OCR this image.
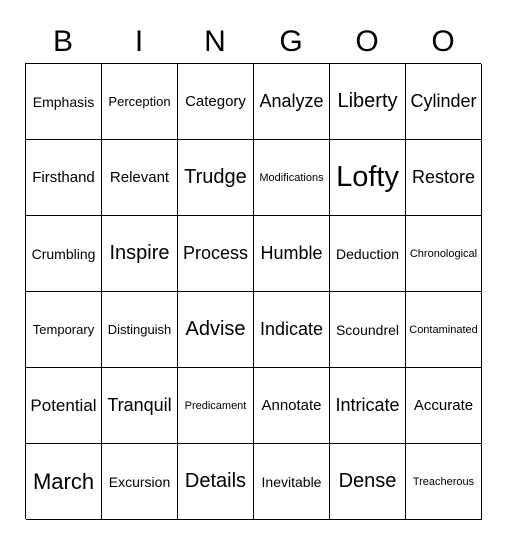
B	I	N	G	O	O
Emphasis	Perception Category Analyze Liberty Cylinder
Firsthand	Relevant Trudge	Modifications Lofty Restore
Crumbling Inspire Process Humble Deduction Chronological
Temporary	Distinguish Advise Indicate Scoundrel Contaminated
Potential Tranquil	Predicament	Annotate Intricate Accurate
March	Excursion Details	Inevitable Dense	Treacherous
